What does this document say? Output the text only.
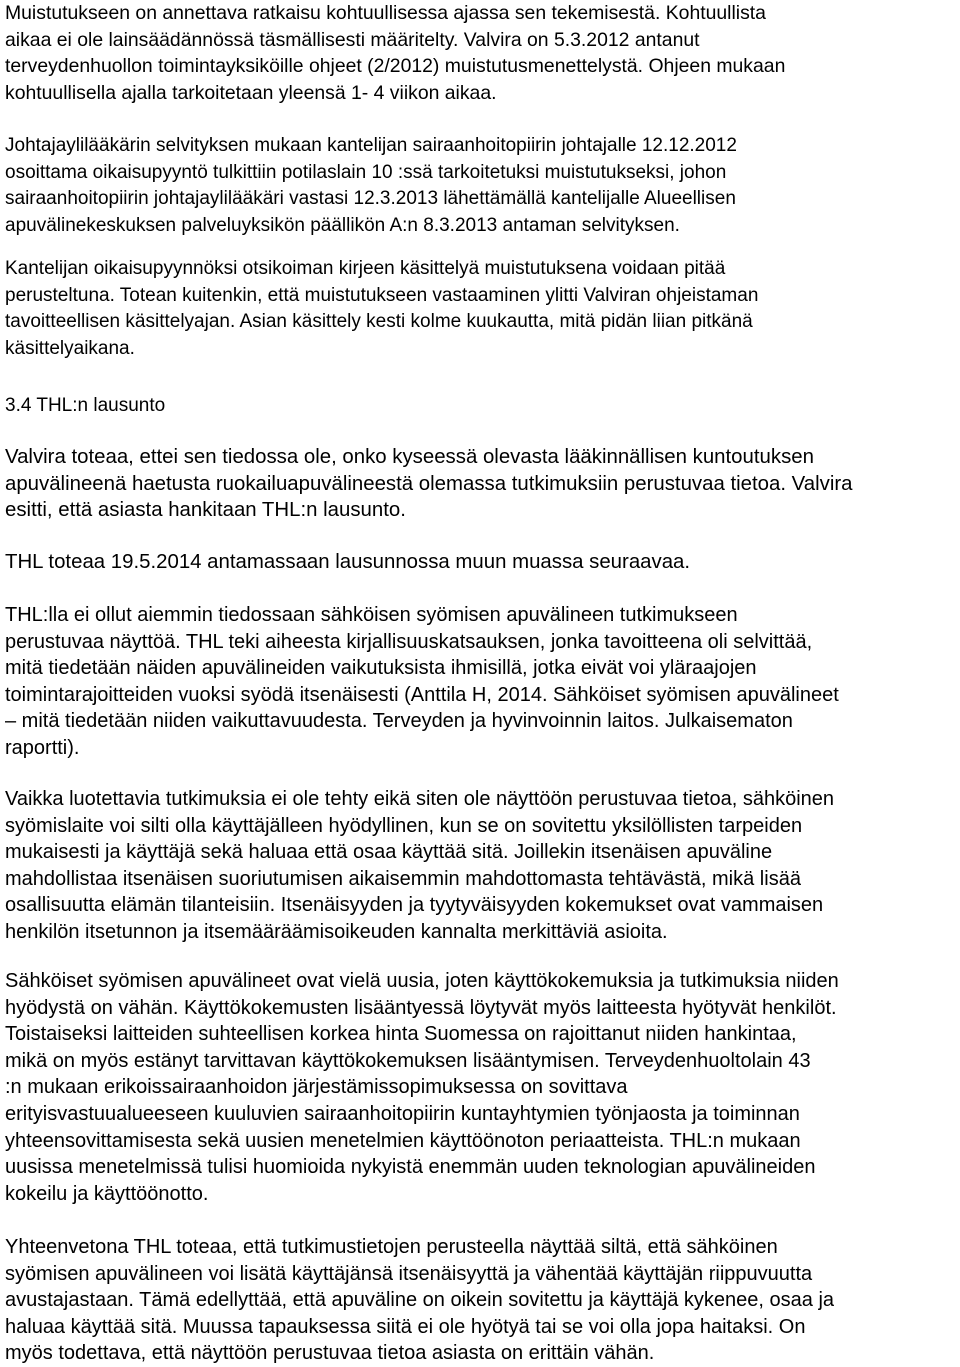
Muistutukseen on annettava ratkaisu kohtuullisessa ajassa sen tekemisestä. Kohtuullista
aikaa ei ole lainsäädännössä täsmällisesti määritelty. Valvira on 5.3.2012 antanut
terveydenhuollon toimintayksiköille ohjeet (2/2012) muistutusmenettelystä. Ohjeen mukaan
kohtuullisella ajalla tarkoitetaan yleensä 1- 4 viikon aikaa.
Johtajaylilääkärin selvityksen mukaan kantelijan sairaanhoitopiirin johtajalle 12.12.2012
osoittama oikaisupyyntö tulkittiin potilaslain 10 :ssä tarkoitetuksi muistutukseksi, johon
sairaanhoitopiirin johtajaylilääkäri vastasi 12.3.2013 lähettämällä kantelijalle Alueellisen
apuvälinekeskuksen palveluyksikön päällikön A:n 8.3.2013 antaman selvityksen.
Kantelijan oikaisupyynnöksi otsikoiman kirjeen käsittelyä muistutuksena voidaan pitää
perusteltuna. Totean kuitenkin, että muistutukseen vastaaminen ylitti Valviran ohjeistaman
tavoitteellisen käsittelyajan. Asian käsittely kesti kolme kuukautta, mitä pidän liian pitkänä
käsittelyaikana.
3.4 THL:n lausunto
Valvira toteaa, ettei sen tiedossa ole, onko kyseessä olevasta lääkinnällisen kuntoutuksen
apuvälineenä haetusta ruokailuapuvälineestä olemassa tutkimuksiin perustuvaa tietoa. Valvira
esitti, että asiasta hankitaan THL:n lausunto.
THL toteaa 19.5.2014 antamassaan lausunnossa muun muassa seuraavaa.
THL:lla ei ollut aiemmin tiedossaan sähköisen syömisen apuvälineen tutkimukseen
perustuvaa näyttöä. THL teki aiheesta kirjallisuuskatsauksen, jonka tavoitteena oli selvittää,
mitä tiedetään näiden apuvälineiden vaikutuksista ihmisillä, jotka eivät voi yläraajojen
toimintarajoitteiden vuoksi syödä itsenäisesti (Anttila H, 2014. Sähköiset syömisen apuvälineet
– mitä tiedetään niiden vaikuttavuudesta. Terveyden ja hyvinvoinnin laitos. Julkaisematon
raportti).
Vaikka luotettavia tutkimuksia ei ole tehty eikä siten ole näyttöön perustuvaa tietoa, sähköinen
syömislaite voi silti olla käyttäjälleen hyödyllinen, kun se on sovitettu yksilöllisten tarpeiden
mukaisesti ja käyttäjä sekä haluaa että osaa käyttää sitä. Joillekin itsenäisen apuväline
mahdollistaa itsenäisen suoriutumisen aikaisemmin mahdottomasta tehtävästä, mikä lisää
osallisuutta elämän tilanteisiin. Itsenäisyyden ja tyytyväisyyden kokemukset ovat vammaisen
henkilön itsetunnon ja itsemääräämisoikeuden kannalta merkittäviä asioita.
Sähköiset syömisen apuvälineet ovat vielä uusia, joten käyttökokemuksia ja tutkimuksia niiden
hyödystä on vähän. Käyttökokemusten lisääntyessä löytyvät myös laitteesta hyötyvät henkilöt.
Toistaiseksi laitteiden suhteellisen korkea hinta Suomessa on rajoittanut niiden hankintaa,
mikä on myös estänyt tarvittavan käyttökokemuksen lisääntymisen. Terveydenhuoltolain 43
:n mukaan erikoissairaanhoidon järjestämissopimuksessa on sovittava
erityisvastuualueeseen kuuluvien sairaanhoitopiirin kuntayhtymien työnjaosta ja toiminnan
yhteensovittamisesta sekä uusien menetelmien käyttöönoton periaatteista. THL:n mukaan
uusissa menetelmissä tulisi huomioida nykyistä enemmän uuden teknologian apuvälineiden
kokeilu ja käyttöönotto.
Yhteenvetona THL toteaa, että tutkimustietojen perusteella näyttää siltä, että sähköinen
syömisen apuvälineen voi lisätä käyttäjänsä itsenäisyyttä ja vähentää käyttäjän riippuvuutta
avustajastaan. Tämä edellyttää, että apuväline on oikein sovitettu ja käyttäjä kykenee, osaa ja
haluaa käyttää sitä. Muussa tapauksessa siitä ei ole hyötyä tai se voi olla jopa haitaksi. On
myös todettava, että näyttöön perustuvaa tietoa asiasta on erittäin vähän.
